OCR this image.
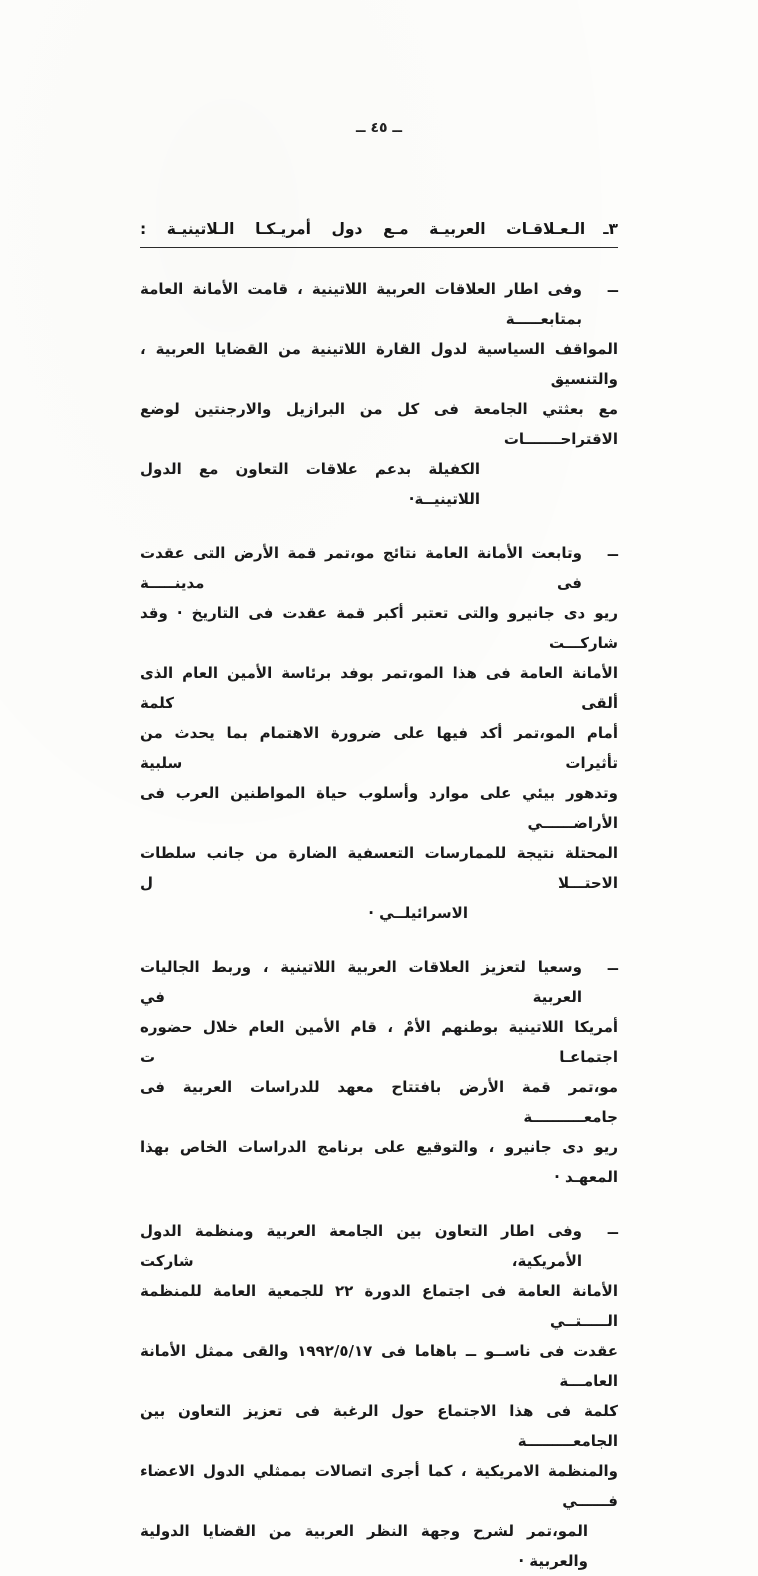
ــ ٤٥ ــ
٣ـ
الـعـلاقـات العربيـة مـع دول أمريـكـا الـلاتينيـة :
ــ
وفى اطار العلاقات العربية اللاتينية ، قامت الأمانة العامة بمتابعـــــة
المواقف السياسية لدول القارة اللاتينية من القضايا العربية ، والتنسيق
مع بعثتي الجامعة فى كل من البرازيل والارجنتين لوضع الاقتراحـــــــات
الكفيلة بدعم علاقات التعاون مع الدول اللاتينيــة·
ــ
وتابعت الأمانة العامة نتائج مو،تمر قمة الأرض التى عقدت فى مدينـــــة
ريو دى جانيرو والتى تعتبر أكبر قمة عقدت فى التاريخ · وقد شاركـــت
الأمانة العامة فى هذا المو،تمر بوفد برئاسة الأمين العام الذى ألقى كلمة
أمام المو،تمر أكد فيها على ضرورة الاهتمام بما يحدث من تأثيرات سلبية
وتدهور بيئي على موارد وأسلوب حياة المواطنين العرب فى الأراضــــــي
المحتلة نتيجة للممارسات التعسفية الضارة من جانب سلطات الاحتـــلا ل
الاسرائيلــي ·
ــ
وسعيا لتعزيز العلاقات العربية اللاتينية ، وربط الجاليات العربية في
أمريكا اللاتينية بوطنهم الأمْ ، قام الأمين العام خلال حضوره اجتماعـا ت
مو،تمر قمة الأرض بافتتاح معهد للدراسات العربية فى جامعــــــــــة
ريو دى جانيرو ، والتوقيع على برنامج الدراسات الخاص بهذا المعهـد ·
ــ
وفى اطار التعاون بين الجامعة العربية ومنظمة الدول الأمريكية، شاركت
الأمانة العامة فى اجتماع الدورة ٢٢ للجمعية العامة للمنظمة الـــــتــي
عقدت فى ناســو ــ باهاما فى ١٩٩٢/٥/١٧ والقى ممثل الأمانة العامـــة
كلمة فى هذا الاجتماع حول الرغبة فى تعزيز التعاون بين الجامعـــــــــة
والمنظمة الامريكية ، كما أجرى اتصالات بممثلي الدول الاعضاء فــــــي
المو،تمر لشرح وجهة النظر العربية من القضايا الدولية والعربية ·
